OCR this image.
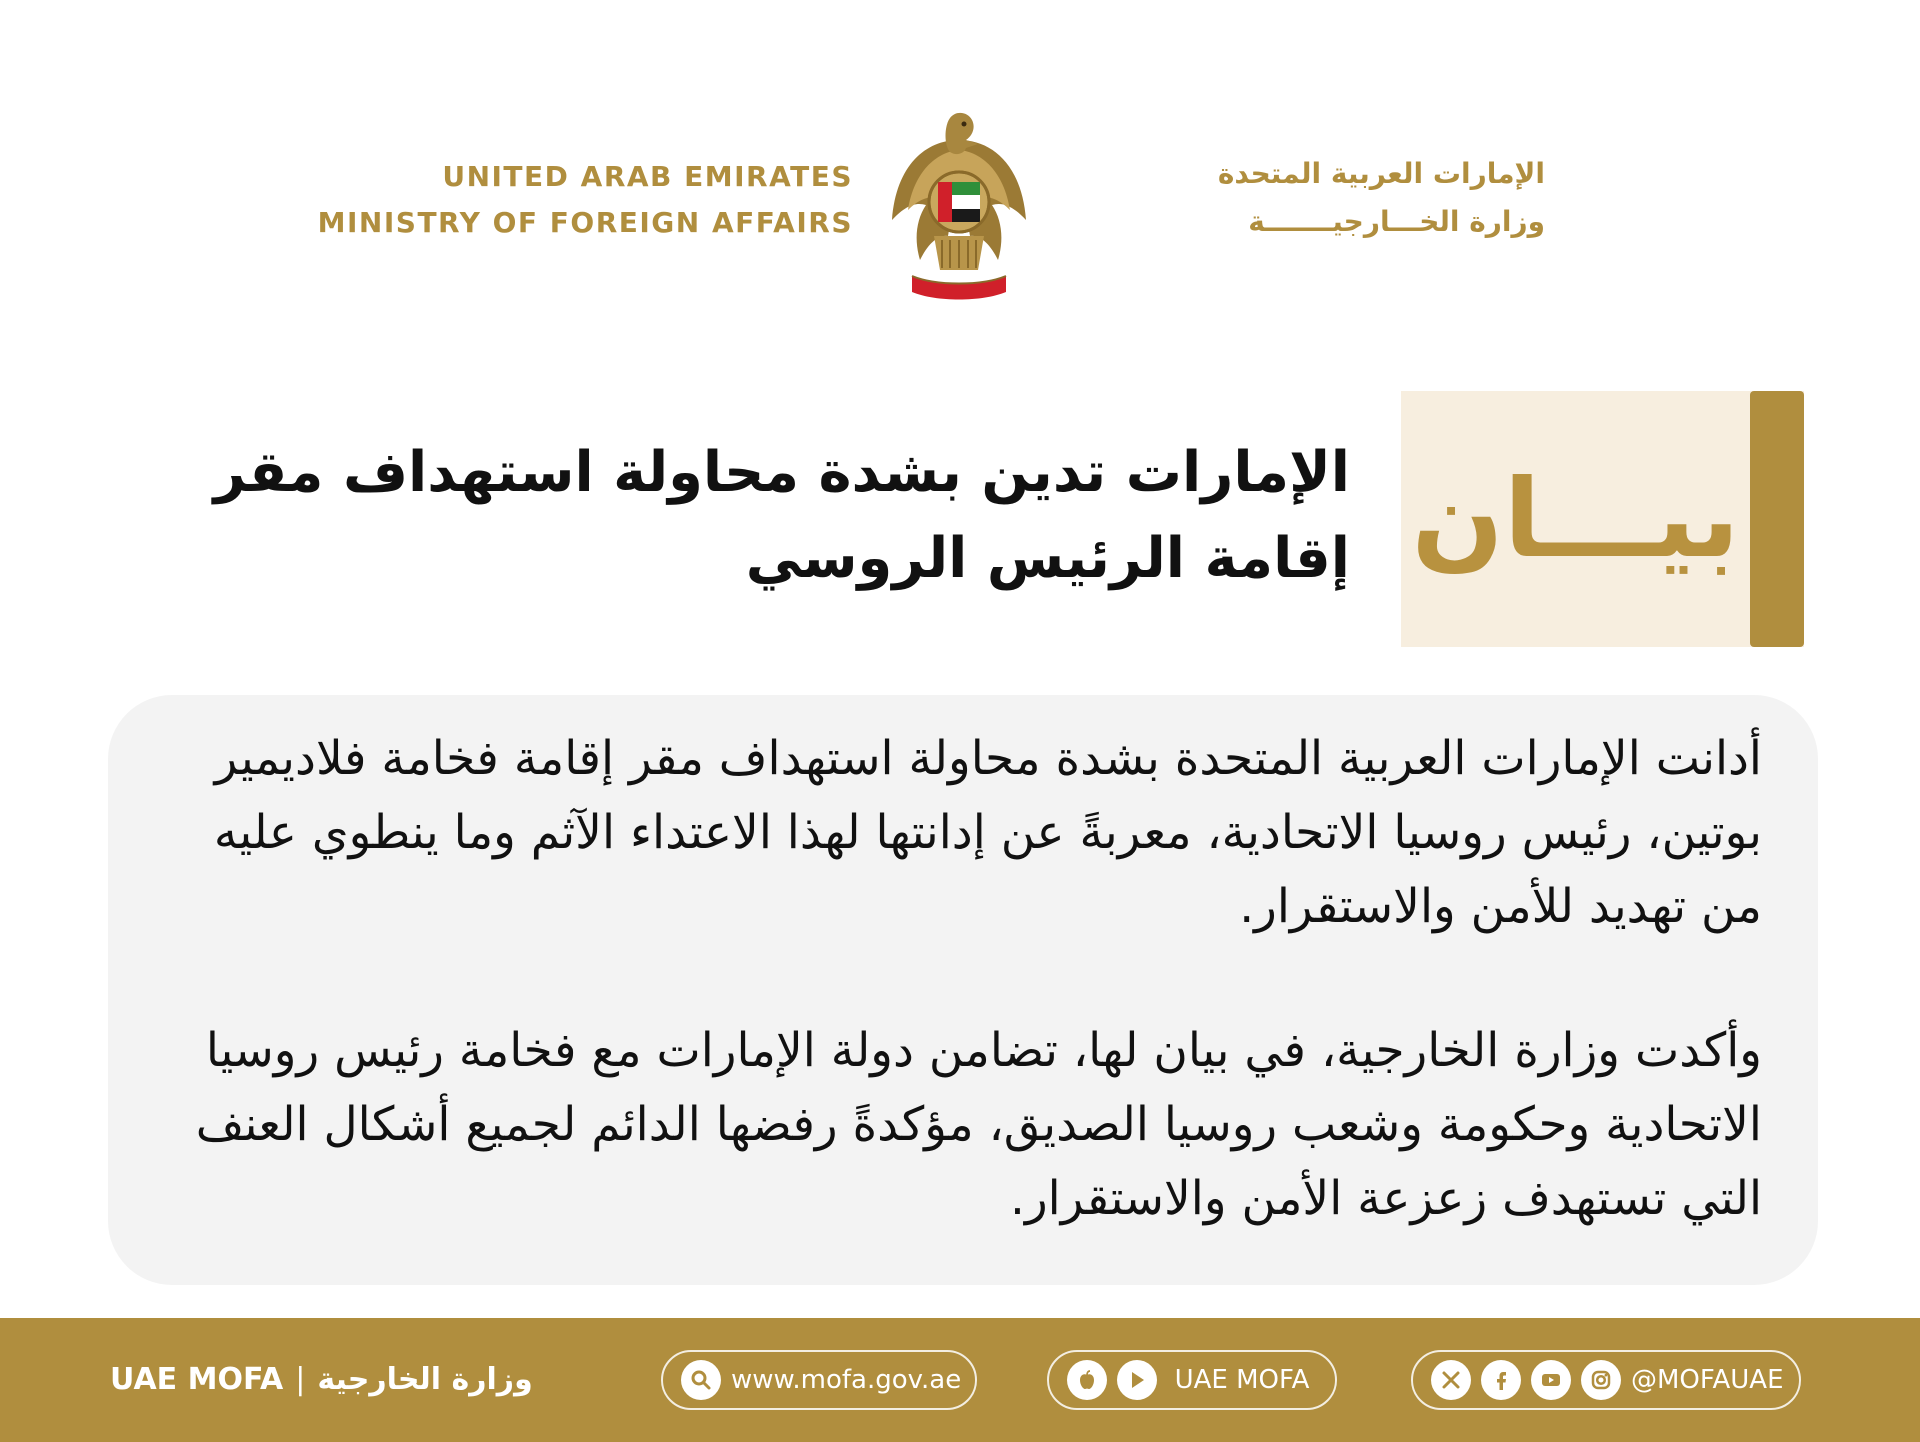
UNITED ARAB EMIRATES
MINISTRY OF FOREIGN AFFAIRS
الإمارات العربية المتحدة
وزارة الخـــارجيـــــــة
بيـــان
الإمارات تدين بشدة محاولة استهداف مقر
إقامة الرئيس الروسي

أدانت الإمارات العربية المتحدة بشدة محاولة استهداف مقر إقامة فخامة فلاديمير بوتين، رئيس روسيا الاتحادية، معربةً عن إدانتها لهذا الاعتداء الآثم وما ينطوي عليه من تهديد للأمن والاستقرار.

وأكدت وزارة الخارجية، في بيان لها، تضامن دولة الإمارات مع فخامة رئيس روسيا الاتحادية وحكومة وشعب روسيا الصديق، مؤكدةً رفضها الدائم لجميع أشكال العنف التي تستهدف زعزعة الأمن والاستقرار.

UAE MOFA | وزارة الخارجية	www.mofa.gov.ae	UAE MOFA	@MOFAUAE
